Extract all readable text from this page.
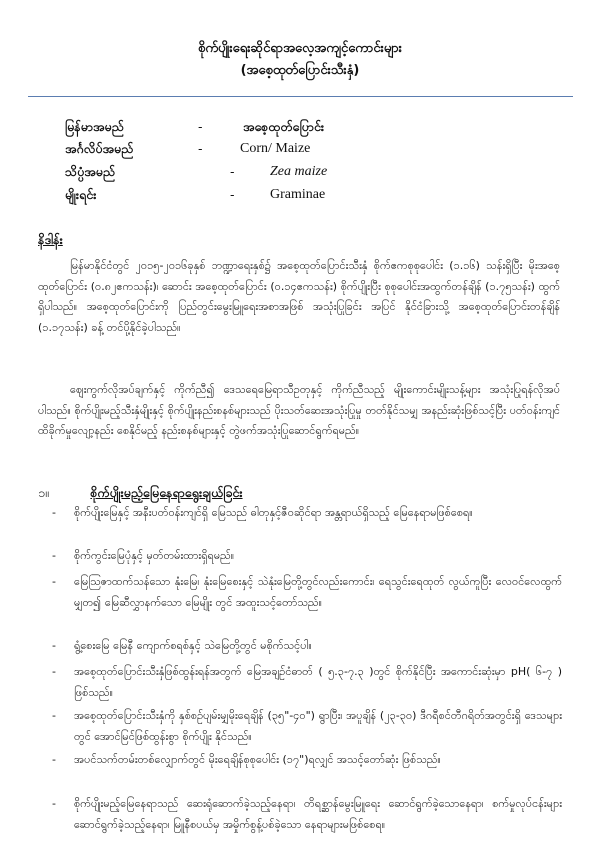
စိုက်ပျိုးရေးဆိုင်ရာအလေ့အကျင့်ကောင်းများ
(အစေ့ထုတ်ပြောင်းသီးနှံ)
မြန်မာအမည်	-	အစေ့ထုတ်ပြောင်း
အင်္ဂလိပ်အမည်	-	Corn/ Maize
သိပ္ပံအမည်	-	Zea maize
မျိုးရင်း	-	Graminae
နိဒါန်း
မြန်မာနိုင်ငံတွင် ၂၀၁၅-၂၀၁၆ခုနှစ် ဘဏ္ဍာရေးနှစ်၌ အစေ့ထုတ်ပြောင်းသီးနှံ စိုက်ဧကစုစုပေါင်း (၁.၁၆) သန်းရှိပြီး မိုးအစေ့ထုတ်ပြောင်း (၀.၈၂ဧကသန်း)၊ ဆောင်း အစေ့ထုတ်ပြောင်း (၀.၁၄ဧကသန်း) စိုက်ပျိုးပြီး စုစုပေါင်းအထွက်တန်ချိန် (၁.၇၅သန်း) ထွက်ရှိပါသည်။ အစေ့ထုတ်ပြောင်းကို ပြည်တွင်းမွေးမြူရေးအစာအဖြစ် အသုံးပြုခြင်း အပြင် နိုင်ငံခြားသို့ အစေ့ထုတ်ပြောင်းတန်ချိန် (၁.၁၇သန်း) ခန့် တင်ပို့နိုင်ခဲ့ပါသည်။
ဈေးကွက်လိုအပ်ချက်နှင့် ကိုက်ညီ၍ ဒေသရေမြေရာသီဥတုနှင့် ကိုက်ညီသည့် မျိုးကောင်းမျိုးသန့်များ အသုံးပြုရန်လိုအပ်ပါသည်။ စိုက်ပျိုးမည့်သီးနှံမျိုးနှင့် စိုက်ပျိုးနည်းစနစ်များသည် ပိုးသတ်ဆေးအသုံးပြုမှု တတ်နိုင်သမျှ အနည်းဆုံးဖြစ်သင့်ပြီး ပတ်ဝန်းကျင်ထိခိုက်မှုလျော့နည်း စေနိုင်မည့် နည်းစနစ်များနှင့် တွဲဖက်အသုံးပြုဆောင်ရွက်ရမည်။
၁။	စိုက်ပျိုးမည့်မြေနေရာရွေးချယ်ခြင်း
-	စိုက်ပျိုးမြေနှင့် အနီးပတ်ဝန်းကျင်ရှိ မြေသည် ဓါတုနှင့်ဇီဝဆိုင်ရာ အန္တရာယ်ရှိသည့် မြေနေရာမဖြစ်စေရ။
-	စိုက်ကွင်းမြေပုံနှင့် မှတ်တမ်းထားရှိရမည်။
-	မြေဩဇာထက်သန်သော နုံးမြေ၊ နုံးမြေစေးနှင့် သဲနုံးမြေတို့တွင်လည်းကောင်း၊ ရေသွင်းရေထုတ် လွယ်ကူပြီး လေဝင်လေထွက်မျှတ၍ မြေဆီလွှာနက်သော မြေမျိုး တွင် အထူးသင့်တော်သည်။
-	ရွံ့စေးမြေ မြေနီ ကျောက်စရစ်နှင့် သဲမြေတို့တွင် မစိုက်သင့်ပါ။
-	အစေ့ထုတ်ပြောင်းသီးနှံဖြစ်ထွန်းရန်အတွက် မြေအချဉ်ငံဓာတ် ( ၅.၃-၇.၃ )တွင် စိုက်နိုင်ပြီး အကောင်းဆုံးမှာ pH( ၆-၇ ) ဖြစ်သည်။
-	အစေ့ထုတ်ပြောင်းသီးနှံကို နှစ်စဉ်ပျမ်းမျှမိုးရေချိန် (၃၅"-၄၀") ရွာပြီး၊ အပူချိန် (၂၃-၃၀) ဒီဂရီစင်တီဂရိတ်အတွင်းရှိ ဒေသများတွင် အောင်မြင်ဖြစ်ထွန်းစွာ စိုက်ပျိုး နိုင်သည်။
-	အပင်သက်တမ်းတစ်လျှောက်တွင် မိုးရေချိန်စုစုပေါင်း (၁၇")ရလျှင် အသင့်တော်ဆုံး ဖြစ်သည်။
-	စိုက်ပျိုးမည့်မြေနေရာသည် ဆေးရုံဆောက်ခဲ့သည့်နေရာ၊ တိရစ္ဆာန်မွေးမြူရေး ဆောင်ရွက်ခဲ့သောနေရာ၊ စက်မှုလုပ်ငန်းများ ဆောင်ရွက်ခဲ့သည့်နေရာ၊ မြူနီစပယ်မှ အမှိုက်စွန့်ပစ်ခဲ့သော နေရာများမဖြစ်စေရ။
